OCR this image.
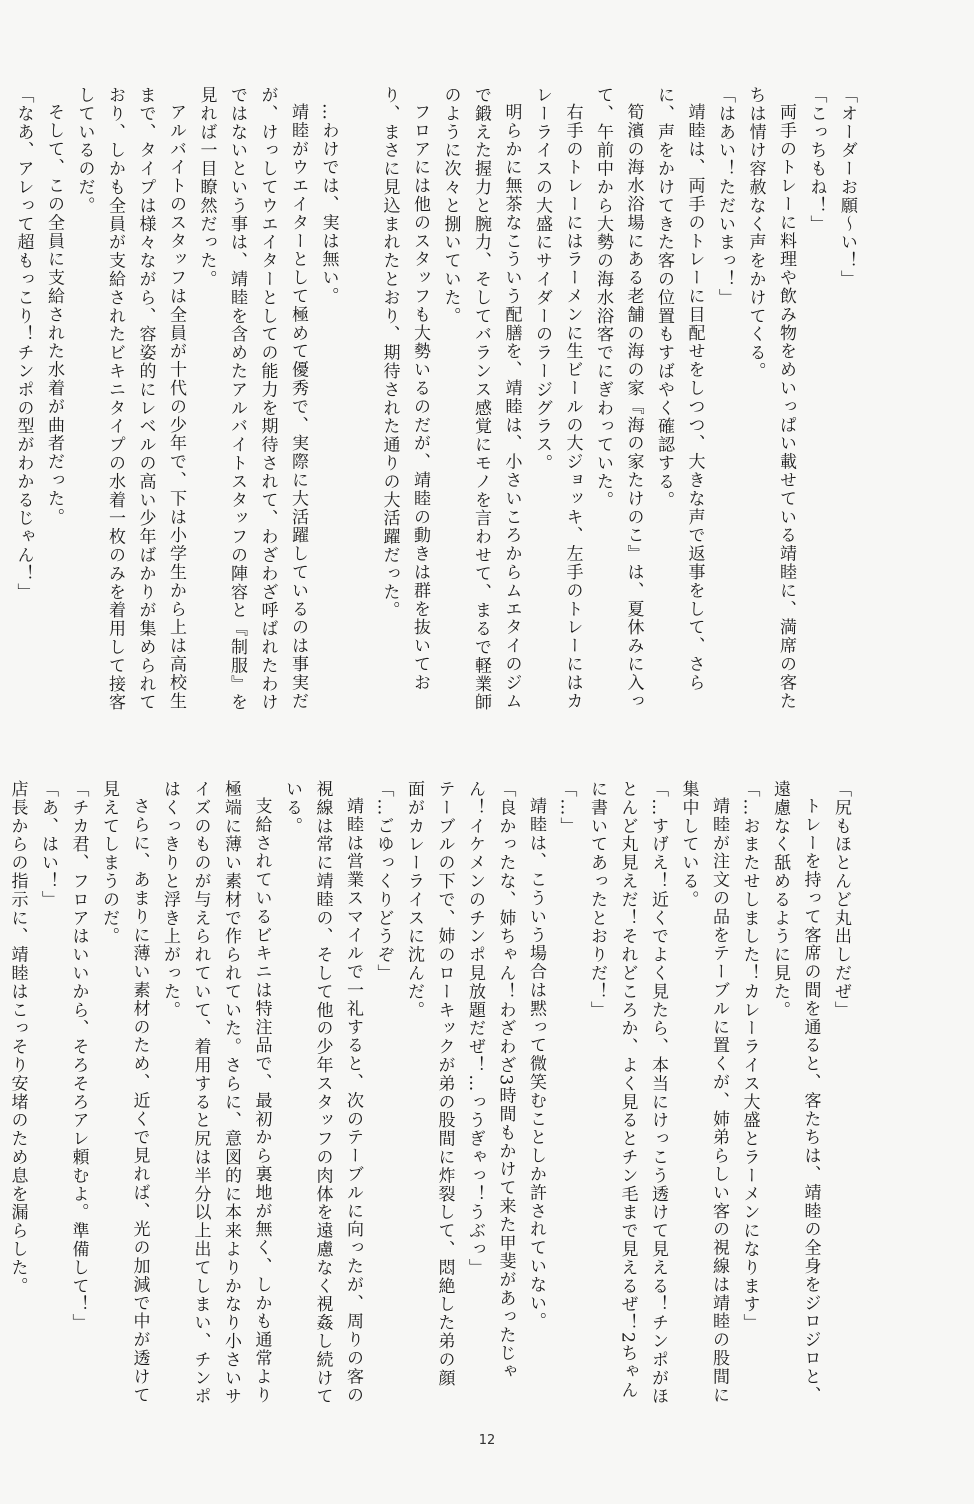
「オーダーお願～い！」

「こっちもね！」

両手のトレーに料理や飲み物をめいっぱい載せている靖睦に、満席の客た

ちは情け容赦なく声をかけてくる。

「はあい！ただいまっ！」

靖睦は、両手のトレーに目配せをしつつ、大きな声で返事をして、さら

に、声をかけてきた客の位置もすばやく確認する。

筍濱の海水浴場にある老舗の海の家『海の家たけのこ』は、夏休みに入っ

て、午前中から大勢の海水浴客でにぎわっていた。

右手のトレーにはラーメンに生ビールの大ジョッキ、左手のトレーにはカ

レーライスの大盛にサイダーのラージグラス。

明らかに無茶なこういう配膳を、靖睦は、小さいころからムエタイのジム

で鍛えた握力と腕力、そしてバランス感覚にモノを言わせて、まるで軽業師

のように次々と捌いていた。

フロアには他のスタッフも大勢いるのだが、靖睦の動きは群を抜いてお

り、まさに見込まれたとおり、期待された通りの大活躍だった。

…わけでは、実は無い。

靖睦がウエイターとして極めて優秀で、実際に大活躍しているのは事実だ

が、けっしてウエイターとしての能力を期待されて、わざわざ呼ばれたわけ

ではないという事は、靖睦を含めたアルバイトスタッフの陣容と『制服』を

見れば一目瞭然だった。

アルバイトのスタッフは全員が十代の少年で、下は小学生から上は高校生

まで、タイプは様々ながら、容姿的にレベルの高い少年ばかりが集められて

おり、しかも全員が支給されたビキニタイプの水着一枚のみを着用して接客

しているのだ。

そして、この全員に支給された水着が曲者だった。

「なあ、アレって超もっこり！チンポの型がわかるじゃん！」

「尻もほとんど丸出しだぜ」

トレーを持って客席の間を通ると、客たちは、靖睦の全身をジロジロと、

遠慮なく舐めるように見た。

「…おまたせしました！カレーライス大盛とラーメンになります」

靖睦が注文の品をテーブルに置くが、姉弟らしい客の視線は靖睦の股間に

集中している。

「…すげえ！近くでよく見たら、本当にけっこう透けて見える！チンポがほ

とんど丸見えだ！それどころか、よく見るとチン毛まで見えるぜ！2ちゃん

に書いてあったとおりだ！」

「…」

靖睦は、こういう場合は黙って微笑むことしか許されていない。

「良かったな、姉ちゃん！わざわざ3時間もかけて来た甲斐があったじゃ

ん！イケメンのチンポ見放題だぜ！…っうぎゃっ！うぶっ」

テーブルの下で、姉のローキックが弟の股間に炸裂して、悶絶した弟の顔

面がカレーライスに沈んだ。

「…ごゆっくりどうぞ」

靖睦は営業スマイルで一礼すると、次のテーブルに向ったが、周りの客の

視線は常に靖睦の、そして他の少年スタッフの肉体を遠慮なく視姦し続けて

いる。

支給されているビキニは特注品で、最初から裏地が無く、しかも通常より

極端に薄い素材で作られていた。さらに、意図的に本来よりかなり小さいサ

イズのものが与えられていて、着用すると尻は半分以上出てしまい、チンポ

はくっきりと浮き上がった。

さらに、あまりに薄い素材のため、近くで見れば、光の加減で中が透けて

見えてしまうのだ。

「チカ君、フロアはいいから、そろそろアレ頼むよ。準備して！」

「あ、はい！」

店長からの指示に、靖睦はこっそり安堵のため息を漏らした。

12
